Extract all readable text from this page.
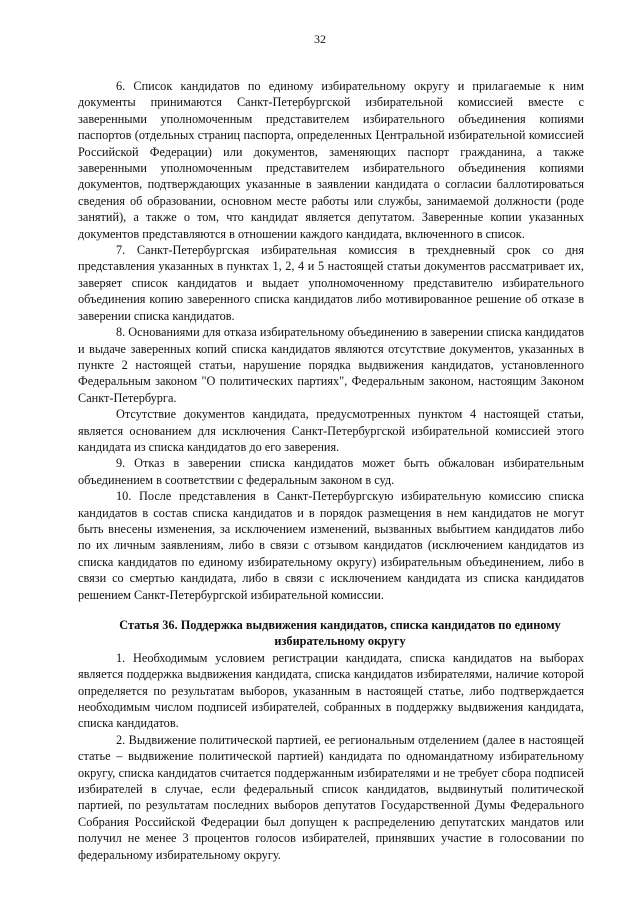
32

6. Список кандидатов по единому избирательному округу и прилагаемые к ним документы принимаются Санкт-Петербургской избирательной комиссией вместе с заверенными уполномоченным представителем избирательного объединения копиями паспортов (отдельных страниц паспорта, определенных Центральной избирательной комиссией Российской Федерации) или документов, заменяющих паспорт гражданина, а также заверенными уполномоченным представителем избирательного объединения копиями документов, подтверждающих указанные в заявлении кандидата о согласии баллотироваться сведения об образовании, основном месте работы или службы, занимаемой должности (роде занятий), а также о том, что кандидат является депутатом. Заверенные копии указанных документов представляются в отношении каждого кандидата, включенного в список.

7. Санкт-Петербургская избирательная комиссия в трехдневный срок со дня представления указанных в пунктах 1, 2, 4 и 5 настоящей статьи документов рассматривает их, заверяет список кандидатов и выдает уполномоченному представителю избирательного объединения копию заверенного списка кандидатов либо мотивированное решение об отказе в заверении списка кандидатов.

8. Основаниями для отказа избирательному объединению в заверении списка кандидатов и выдаче заверенных копий списка кандидатов являются отсутствие документов, указанных в пункте 2 настоящей статьи, нарушение порядка выдвижения кандидатов, установленного Федеральным законом "О политических партиях", Федеральным законом, настоящим Законом Санкт-Петербурга.

Отсутствие документов кандидата, предусмотренных пунктом 4 настоящей статьи, является основанием для исключения Санкт-Петербургской избирательной комиссией этого кандидата из списка кандидатов до его заверения.

9. Отказ в заверении списка кандидатов может быть обжалован избирательным объединением в соответствии с федеральным законом в суд.

10. После представления в Санкт-Петербургскую избирательную комиссию списка кандидатов в состав списка кандидатов и в порядок размещения в нем кандидатов не могут быть внесены изменения, за исключением изменений, вызванных выбытием кандидатов либо по их личным заявлениям, либо в связи с отзывом кандидатов (исключением кандидатов из списка кандидатов по единому избирательному округу) избирательным объединением, либо в связи со смертью кандидата, либо в связи с исключением кандидата из списка кандидатов решением Санкт-Петербургской избирательной комиссии.

Статья 36. Поддержка выдвижения кандидатов, списка кандидатов по единому избирательному округу

1. Необходимым условием регистрации кандидата, списка кандидатов на выборах является поддержка выдвижения кандидата, списка кандидатов избирателями, наличие которой определяется по результатам выборов, указанным в настоящей статье, либо подтверждается необходимым числом подписей избирателей, собранных в поддержку выдвижения кандидата, списка кандидатов.

2. Выдвижение политической партией, ее региональным отделением (далее в настоящей статье – выдвижение политической партией) кандидата по одномандатному избирательному округу, списка кандидатов считается поддержанным избирателями и не требует сбора подписей избирателей в случае, если федеральный список кандидатов, выдвинутый политической партией, по результатам последних выборов депутатов Государственной Думы Федерального Собрания Российской Федерации был допущен к распределению депутатских мандатов или получил не менее 3 процентов голосов избирателей, принявших участие в голосовании по федеральному избирательному округу.
